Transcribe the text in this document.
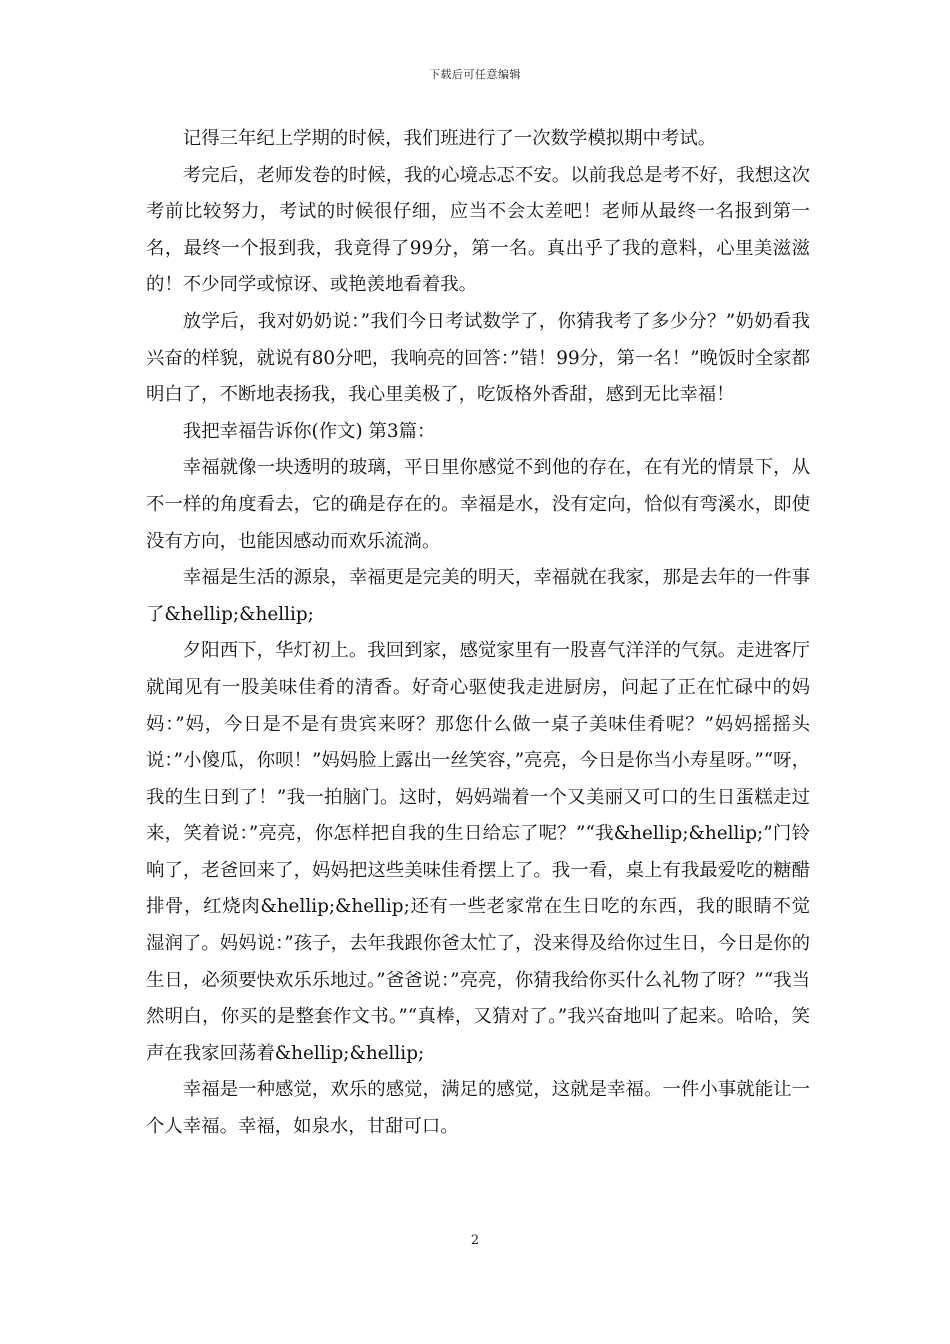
下载后可任意编辑

记得三年纪上学期的时候，我们班进行了一次数学模拟期中考试。

考完后，老师发卷的时候，我的心境忐忑不安。以前我总是考不好，我想这次考前比较努力，考试的时候很仔细，应当不会太差吧！老师从最终一名报到第一名，最终一个报到我，我竟得了99分，第一名。真出乎了我的意料，心里美滋滋的！不少同学或惊讶、或艳羡地看着我。

放学后，我对奶奶说：”我们今日考试数学了，你猜我考了多少分？”奶奶看我兴奋的样貌，就说有80分吧，我响亮的回答：”错！99分，第一名！”晚饭时全家都明白了，不断地表扬我，我心里美极了，吃饭格外香甜，感到无比幸福！

我把幸福告诉你(作文) 第3篇：

幸福就像一块透明的玻璃，平日里你感觉不到他的存在，在有光的情景下，从不一样的角度看去，它的确是存在的。幸福是水，没有定向，恰似有弯溪水，即使没有方向，也能因感动而欢乐流淌。

幸福是生活的源泉，幸福更是完美的明天，幸福就在我家，那是去年的一件事了&hellip;&hellip;

夕阳西下，华灯初上。我回到家，感觉家里有一股喜气洋洋的气氛。走进客厅就闻见有一股美味佳肴的清香。好奇心驱使我走进厨房，问起了正在忙碌中的妈妈：”妈，今日是不是有贵宾来呀？那您什么做一桌子美味佳肴呢？”妈妈摇摇头说：”小傻瓜，你呗！”妈妈脸上露出一丝笑容，”亮亮，今日是你当小寿星呀。”“呀，我的生日到了！”我一拍脑门。这时，妈妈端着一个又美丽又可口的生日蛋糕走过来，笑着说：”亮亮，你怎样把自我的生日给忘了呢？”“我&hellip;&hellip;”门铃响了，老爸回来了，妈妈把这些美味佳肴摆上了。我一看，桌上有我最爱吃的糖醋排骨，红烧肉&hellip;&hellip;还有一些老家常在生日吃的东西，我的眼睛不觉湿润了。妈妈说：”孩子，去年我跟你爸太忙了，没来得及给你过生日，今日是你的生日，必须要快欢乐乐地过。”爸爸说：”亮亮，你猜我给你买什么礼物了呀？”“我当然明白，你买的是整套作文书。”“真棒，又猜对了。”我兴奋地叫了起来。哈哈，笑声在我家回荡着&hellip;&hellip;

幸福是一种感觉，欢乐的感觉，满足的感觉，这就是幸福。一件小事就能让一个人幸福。幸福，如泉水，甘甜可口。

2
